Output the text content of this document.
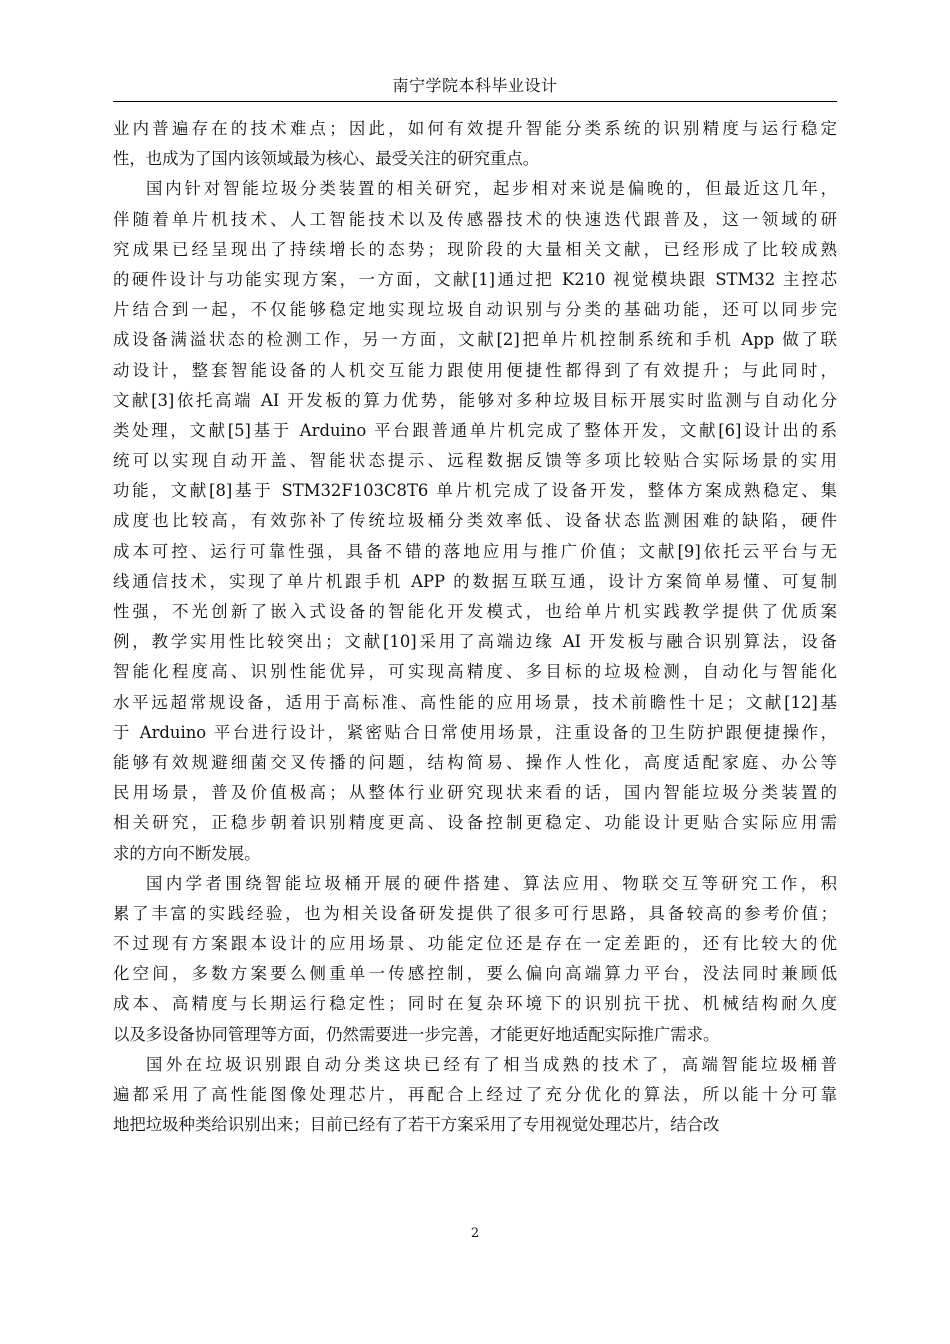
南宁学院本科毕业设计
业内普遍存在的技术难点；因此，如何有效提升智能分类系统的识别精度与运行稳定
性，也成为了国内该领域最为核心、最受关注的研究重点。
国内针对智能垃圾分类装置的相关研究，起步相对来说是偏晚的，但最近这几年，
伴随着单片机技术、人工智能技术以及传感器技术的快速迭代跟普及，这一领域的研
究成果已经呈现出了持续增长的态势；现阶段的大量相关文献，已经形成了比较成熟
的硬件设计与功能实现方案，一方面，文献[1]通过把 K210 视觉模块跟 STM32 主控芯
片结合到一起，不仅能够稳定地实现垃圾自动识别与分类的基础功能，还可以同步完
成设备满溢状态的检测工作，另一方面，文献[2]把单片机控制系统和手机 App 做了联
动设计，整套智能设备的人机交互能力跟使用便捷性都得到了有效提升；与此同时，
文献[3]依托高端 AI 开发板的算力优势，能够对多种垃圾目标开展实时监测与自动化分
类处理，文献[5]基于 Arduino 平台跟普通单片机完成了整体开发，文献[6]设计出的系
统可以实现自动开盖、智能状态提示、远程数据反馈等多项比较贴合实际场景的实用
功能，文献[8]基于 STM32F103C8T6 单片机完成了设备开发，整体方案成熟稳定、集
成度也比较高，有效弥补了传统垃圾桶分类效率低、设备状态监测困难的缺陷，硬件
成本可控、运行可靠性强，具备不错的落地应用与推广价值；文献[9]依托云平台与无
线通信技术，实现了单片机跟手机 APP 的数据互联互通，设计方案简单易懂、可复制
性强，不光创新了嵌入式设备的智能化开发模式，也给单片机实践教学提供了优质案
例，教学实用性比较突出；文献[10]采用了高端边缘 AI 开发板与融合识别算法，设备
智能化程度高、识别性能优异，可实现高精度、多目标的垃圾检测，自动化与智能化
水平远超常规设备，适用于高标准、高性能的应用场景，技术前瞻性十足；文献[12]基
于 Arduino 平台进行设计，紧密贴合日常使用场景，注重设备的卫生防护跟便捷操作，
能够有效规避细菌交叉传播的问题，结构简易、操作人性化，高度适配家庭、办公等
民用场景，普及价值极高；从整体行业研究现状来看的话，国内智能垃圾分类装置的
相关研究，正稳步朝着识别精度更高、设备控制更稳定、功能设计更贴合实际应用需
求的方向不断发展。
国内学者围绕智能垃圾桶开展的硬件搭建、算法应用、物联交互等研究工作，积
累了丰富的实践经验，也为相关设备研发提供了很多可行思路，具备较高的参考价值；
不过现有方案跟本设计的应用场景、功能定位还是存在一定差距的，还有比较大的优
化空间，多数方案要么侧重单一传感控制，要么偏向高端算力平台，没法同时兼顾低
成本、高精度与长期运行稳定性；同时在复杂环境下的识别抗干扰、机械结构耐久度
以及多设备协同管理等方面，仍然需要进一步完善，才能更好地适配实际推广需求。
国外在垃圾识别跟自动分类这块已经有了相当成熟的技术了，高端智能垃圾桶普
遍都采用了高性能图像处理芯片，再配合上经过了充分优化的算法，所以能十分可靠
地把垃圾种类给识别出来；目前已经有了若干方案采用了专用视觉处理芯片，结合改
2
